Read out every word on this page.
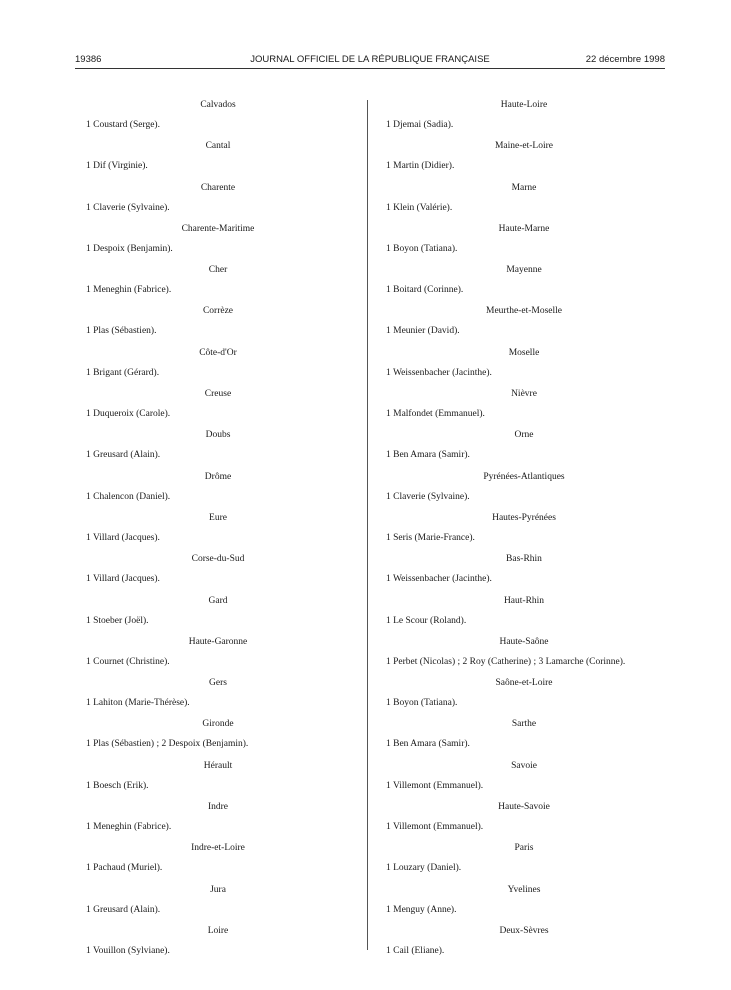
19386	JOURNAL OFFICIEL DE LA RÉPUBLIQUE FRANÇAISE	22 décembre 1998
Calvados
1 Coustard (Serge).
Cantal
1 Dif (Virginie).
Charente
1 Claverie (Sylvaine).
Charente-Maritime
1 Despoix (Benjamin).
Cher
1 Meneghin (Fabrice).
Corrèze
1 Plas (Sébastien).
Côte-d'Or
1 Brigant (Gérard).
Creuse
1 Duqueroix (Carole).
Doubs
1 Greusard (Alain).
Drôme
1 Chalencon (Daniel).
Eure
1 Villard (Jacques).
Corse-du-Sud
1 Villard (Jacques).
Gard
1 Stoeber (Joël).
Haute-Garonne
1 Cournet (Christine).
Gers
1 Lahiton (Marie-Thérèse).
Gironde
1 Plas (Sébastien) ; 2 Despoix (Benjamin).
Hérault
1 Boesch (Erik).
Indre
1 Meneghin (Fabrice).
Indre-et-Loire
1 Pachaud (Muriel).
Jura
1 Greusard (Alain).
Loire
1 Vouillon (Sylviane).
Haute-Loire
1 Djemai (Sadia).
Maine-et-Loire
1 Martin (Didier).
Marne
1 Klein (Valérie).
Haute-Marne
1 Boyon (Tatiana).
Mayenne
1 Boitard (Corinne).
Meurthe-et-Moselle
1 Meunier (David).
Moselle
1 Weissenbacher (Jacinthe).
Nièvre
1 Malfondet (Emmanuel).
Orne
1 Ben Amara (Samir).
Pyrénées-Atlantiques
1 Claverie (Sylvaine).
Hautes-Pyrénées
1 Seris (Marie-France).
Bas-Rhin
1 Weissenbacher (Jacinthe).
Haut-Rhin
1 Le Scour (Roland).
Haute-Saône
1 Perbet (Nicolas) ; 2 Roy (Catherine) ; 3 Lamarche (Corinne).
Saône-et-Loire
1 Boyon (Tatiana).
Sarthe
1 Ben Amara (Samir).
Savoie
1 Villemont (Emmanuel).
Haute-Savoie
1 Villemont (Emmanuel).
Paris
1 Louzary (Daniel).
Yvelines
1 Menguy (Anne).
Deux-Sèvres
1 Cail (Eliane).
